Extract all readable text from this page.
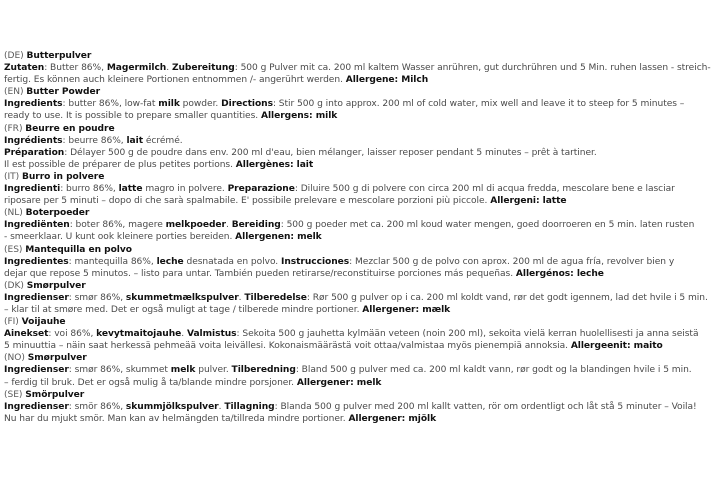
(DE) Butterpulver
Zutaten: Butter 86%, Magermilch. Zubereitung: 500 g Pulver mit ca. 200 ml kaltem Wasser anrühren, gut durchrühren und 5 Min. ruhen lassen - streich-
fertig. Es können auch kleinere Portionen entnommen /- angerührt werden. Allergene: Milch
(EN) Butter Powder
Ingredients: butter 86%, low-fat milk powder. Directions: Stir 500 g into approx. 200 ml of cold water, mix well and leave it to steep for 5 minutes –
ready to use. It is possible to prepare smaller quantities. Allergens: milk
(FR) Beurre en poudre
Ingrédients: beurre 86%, lait écrémé.
Préparation: Délayer 500 g de poudre dans env. 200 ml d'eau, bien mélanger, laisser reposer pendant 5 minutes – prêt à tartiner.
Il est possible de préparer de plus petites portions. Allergènes: lait
(IT) Burro in polvere
Ingredienti: burro 86%, latte magro in polvere. Preparazione: Diluire 500 g di polvere con circa 200 ml di acqua fredda, mescolare bene e lasciar
riposare per 5 minuti – dopo di che sarà spalmabile. E' possibile prelevare e mescolare porzioni più piccole. Allergeni: latte
(NL) Boterpoeder
Ingrediënten: boter 86%, magere melkpoeder. Bereiding: 500 g poeder met ca. 200 ml koud water mengen, goed doorroeren en 5 min. laten rusten
- smeerklaar. U kunt ook kleinere porties bereiden. Allergenen: melk
(ES) Mantequilla en polvo
Ingredientes: mantequilla 86%, leche desnatada en polvo. Instrucciones: Mezclar 500 g de polvo con aprox. 200 ml de agua fría, revolver bien y
dejar que repose 5 minutos. – listo para untar. También pueden retirarse/reconstituirse porciones más pequeñas. Allergénos: leche
(DK) Smørpulver
Ingredienser: smør 86%, skummetmælkspulver. Tilberedelse: Rør 500 g pulver op i ca. 200 ml koldt vand, rør det godt igennem, lad det hvile i 5 min.
– klar til at smøre med. Det er også muligt at tage / tilberede mindre portioner. Allergener: mælk
(FI) Voijauhe
Ainekset: voi 86%, kevytmaitojauhe. Valmistus: Sekoita 500 g jauhetta kylmään veteen (noin 200 ml), sekoita vielä kerran huolellisesti ja anna seistä
5 minuuttia – näin saat herkessä pehmeää voita leivällesi. Kokonaismäärästä voit ottaa/valmistaa myös pienempiä annoksia. Allergeenit: maito
(NO) Smørpulver
Ingredienser: smør 86%, skummet melk pulver. Tilberedning: Bland 500 g pulver med ca. 200 ml kaldt vann, rør godt og la blandingen hvile i 5 min.
– ferdig til bruk. Det er også mulig å ta/blande mindre porsjoner. Allergener: melk
(SE) Smörpulver
Ingredienser: smör 86%, skummjölkspulver. Tillagning: Blanda 500 g pulver med 200 ml kallt vatten, rör om ordentligt och låt stå 5 minuter – Voila!
Nu har du mjukt smör. Man kan av helmängden ta/tillreda mindre portioner. Allergener: mjölk
